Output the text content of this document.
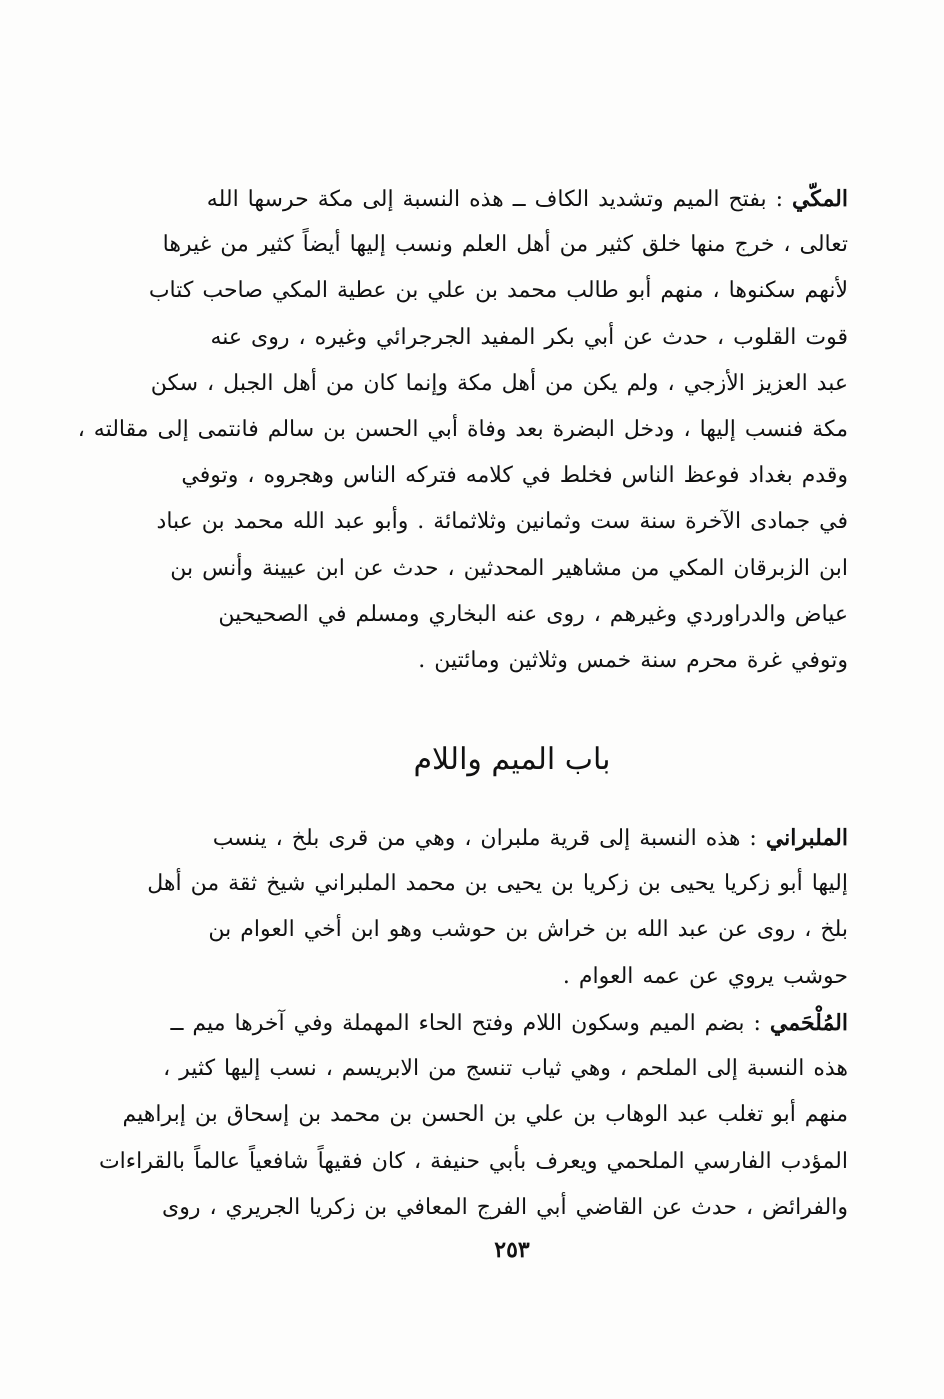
المكّي : بفتح الميم وتشديد الكاف ــ هذه النسبة إلى مكة حرسها الله
تعالى ، خرج منها خلق كثير من أهل العلم ونسب إليها أيضاً كثير من غيرها
لأنهم سكنوها ، منهم أبو طالب محمد بن علي بن عطية المكي صاحب كتاب
قوت القلوب ، حدث عن أبي بكر المفيد الجرجرائي وغيره ، روى عنه
عبد العزيز الأزجي ، ولم يكن من أهل مكة وإنما كان من أهل الجبل ، سكن
مكة فنسب إليها ، ودخل البضرة بعد وفاة أبي الحسن بن سالم فانتمى إلى مقالته ،
وقدم بغداد فوعظ الناس فخلط في كلامه فتركه الناس وهجروه ، وتوفي
في جمادى الآخرة سنة ست وثمانين وثلاثمائة . وأبو عبد الله محمد بن عباد
ابن الزبرقان المكي من مشاهير المحدثين ، حدث عن ابن عيينة وأنس بن
عياض والدراوردي وغيرهم ، روى عنه البخاري ومسلم في الصحيحين
وتوفي غرة محرم سنة خمس وثلاثين ومائتين .
باب الميم واللام
الملبراني : هذه النسبة إلى قرية ملبران ، وهي من قرى بلخ ، ينسب
إليها أبو زكريا يحيى بن زكريا بن يحيى بن محمد الملبراني شيخ ثقة من أهل
بلخ ، روى عن عبد الله بن خراش بن حوشب وهو ابن أخي العوام بن
حوشب يروي عن عمه العوام .
المُلْحَمي : بضم الميم وسكون اللام وفتح الحاء المهملة وفي آخرها ميم ــ
هذه النسبة إلى الملحم ، وهي ثياب تنسج من الابريسم ، نسب إليها كثير ،
منهم أبو تغلب عبد الوهاب بن علي بن الحسن بن محمد بن إسحاق بن إبراهيم
المؤدب الفارسي الملحمي ويعرف بأبي حنيفة ، كان فقيهاً شافعياً عالماً بالقراءات
والفرائض ، حدث عن القاضي أبي الفرج المعافي بن زكريا الجريري ، روى
٢٥٣
